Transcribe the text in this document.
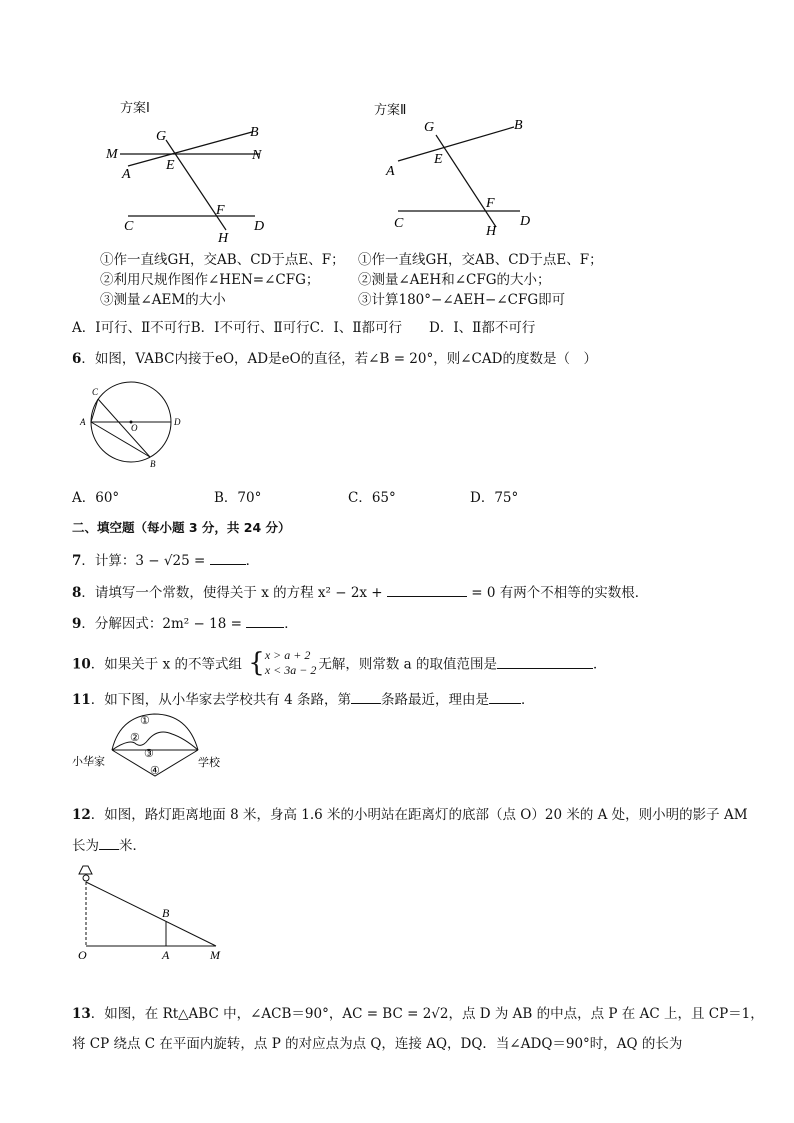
方案Ⅰ
G	B
M
E
N
A
C
F
D
H
方案Ⅱ
G	B
E
A
C
F
D
H
①作一直线GH，交AB、CD于点E、F；
②利用尺规作图作∠HEN=∠CFG；
③测量∠AEM的大小
①作一直线GH，交AB、CD于点E、F；
②测量∠AEH和∠CFG的大小；
③计算180°−∠AEH−∠CFG即可
A．Ⅰ可行、Ⅱ不可行B．Ⅰ不可行、Ⅱ可行C．Ⅰ、Ⅱ都可行　　D．Ⅰ、Ⅱ都不可行
6．如图，VABC内接于eO，AD是eO的直径，若∠B = 20°，则∠CAD的度数是（　）
C
A
O
D
B
A．60°	B．70°	C．65°	D．75°
二、填空题（每小题 3 分，共 24 分）
7．计算：3 − √25 =	．
8．请填写一个常数，使得关于 x 的方程 x² − 2x +	= 0 有两个不相等的实数根．
9．分解因式：2m² − 18 =	．
10．如果关于 x 的不等式组 {x > a + 2
x < 3a − 2 无解，则常数 a 的取值范围是	．
11．如下图，从小华家去学校共有 4 条路，第 条路最近，理由是 ．
小华家	学校
①
②
③
④
12．如图，路灯距离地面 8 米，身高 1.6 米的小明站在距离灯的底部（点 O）20 米的 A 处，则小明的影子 AM
长为 米．
O	A	M
B
13．如图，在 Rt△ABC 中，∠ACB＝90°，AC = BC = 2√2，点 D 为 AB 的中点，点 P 在 AC 上，且 CP＝1，
将 CP 绕点 C 在平面内旋转，点 P 的对应点为点 Q，连接 AQ，DQ．当∠ADQ＝90°时，AQ 的长为
